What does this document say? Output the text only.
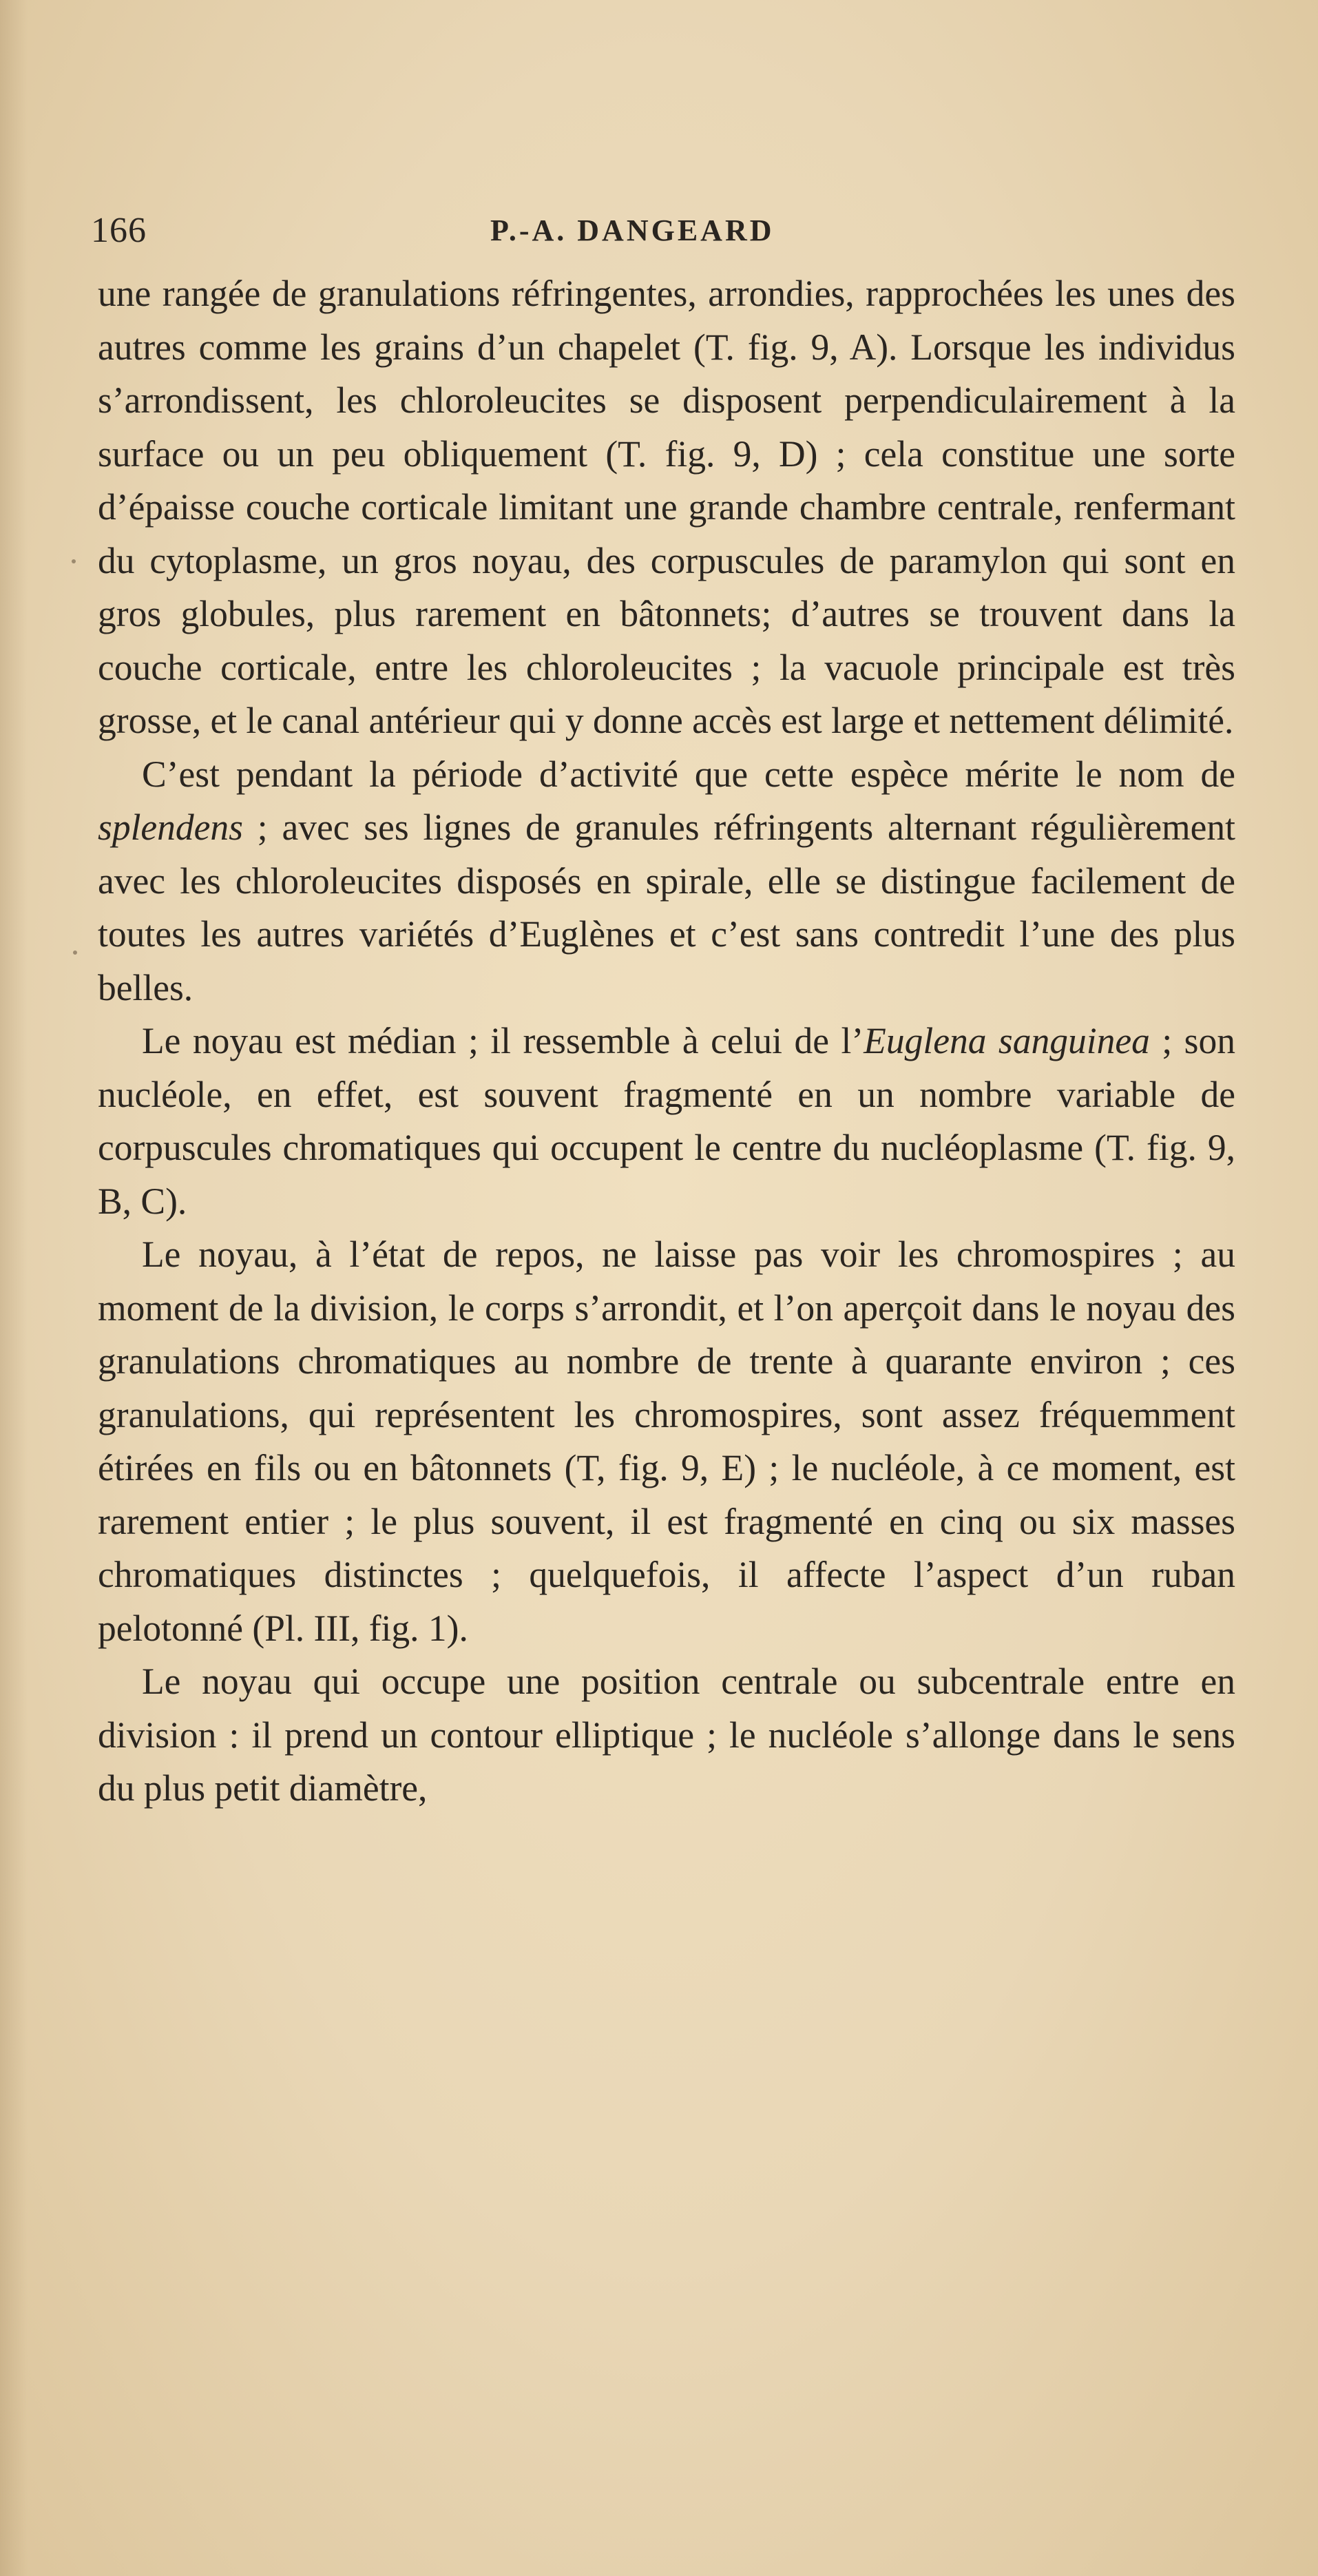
166	P.-A. DANGEARD

une rangée de granulations réfringentes, arrondies, rapprochées les unes des autres comme les grains d’un chapelet (T. fig. 9, A). Lorsque les individus s’arrondissent, les chloroleucites se disposent perpendiculairement à la surface ou un peu obliquement (T. fig. 9, D) ; cela constitue une sorte d’épaisse couche corticale limitant une grande chambre centrale, renfermant du cytoplasme, un gros noyau, des corpuscules de paramylon qui sont en gros globules, plus rarement en bâtonnets; d’autres se trouvent dans la couche corticale, entre les chloroleucites ; la vacuole principale est très grosse, et le canal antérieur qui y donne accès est large et nettement délimité.

C’est pendant la période d’activité que cette espèce mérite le nom de splendens ; avec ses lignes de granules réfringents alternant régulièrement avec les chloroleucites disposés en spirale, elle se distingue facilement de toutes les autres variétés d’Euglènes et c’est sans contredit l’une des plus belles.

Le noyau est médian ; il ressemble à celui de l’Euglena sanguinea ; son nucléole, en effet, est souvent fragmenté en un nombre variable de corpuscules chromatiques qui occupent le centre du nucléoplasme (T. fig. 9, B, C).

Le noyau, à l’état de repos, ne laisse pas voir les chromospires ; au moment de la division, le corps s’arrondit, et l’on aperçoit dans le noyau des granulations chromatiques au nombre de trente à quarante environ ; ces granulations, qui représentent les chromospires, sont assez fréquemment étirées en fils ou en bâtonnets (T, fig. 9, E) ; le nucléole, à ce moment, est rarement entier ; le plus souvent, il est fragmenté en cinq ou six masses chromatiques distinctes ; quelquefois, il affecte l’aspect d’un ruban pelotonné (Pl. III, fig. 1).

Le noyau qui occupe une position centrale ou subcentrale entre en division : il prend un contour elliptique ; le nucléole s’allonge dans le sens du plus petit diamètre,
